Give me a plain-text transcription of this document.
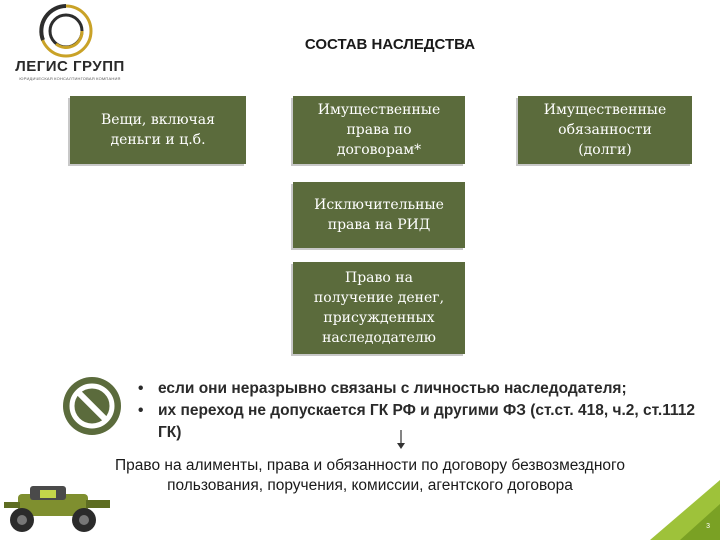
ЛЕГИС ГРУПП
ЮРИДИЧЕСКАЯ КОНСАЛТИНГОВАЯ КОМПАНИЯ
СОСТАВ НАСЛЕДСТВА
Вещи, включая
деньги и ц.б.
Имущественные
права по
договорам*
Имущественные
обязанности
(долги)
Исключительные
права на РИД
Право на
получение денег,
присужденных
наследодателю
• если они неразрывно связаны с личностью наследодателя;
• их переход не допускается ГК РФ и другими ФЗ (ст.ст. 418, ч.2, ст.1112 ГК)
Право на алименты, права и обязанности по договору безвозмездного
пользования, поручения, комиссии, агентского договора
3
